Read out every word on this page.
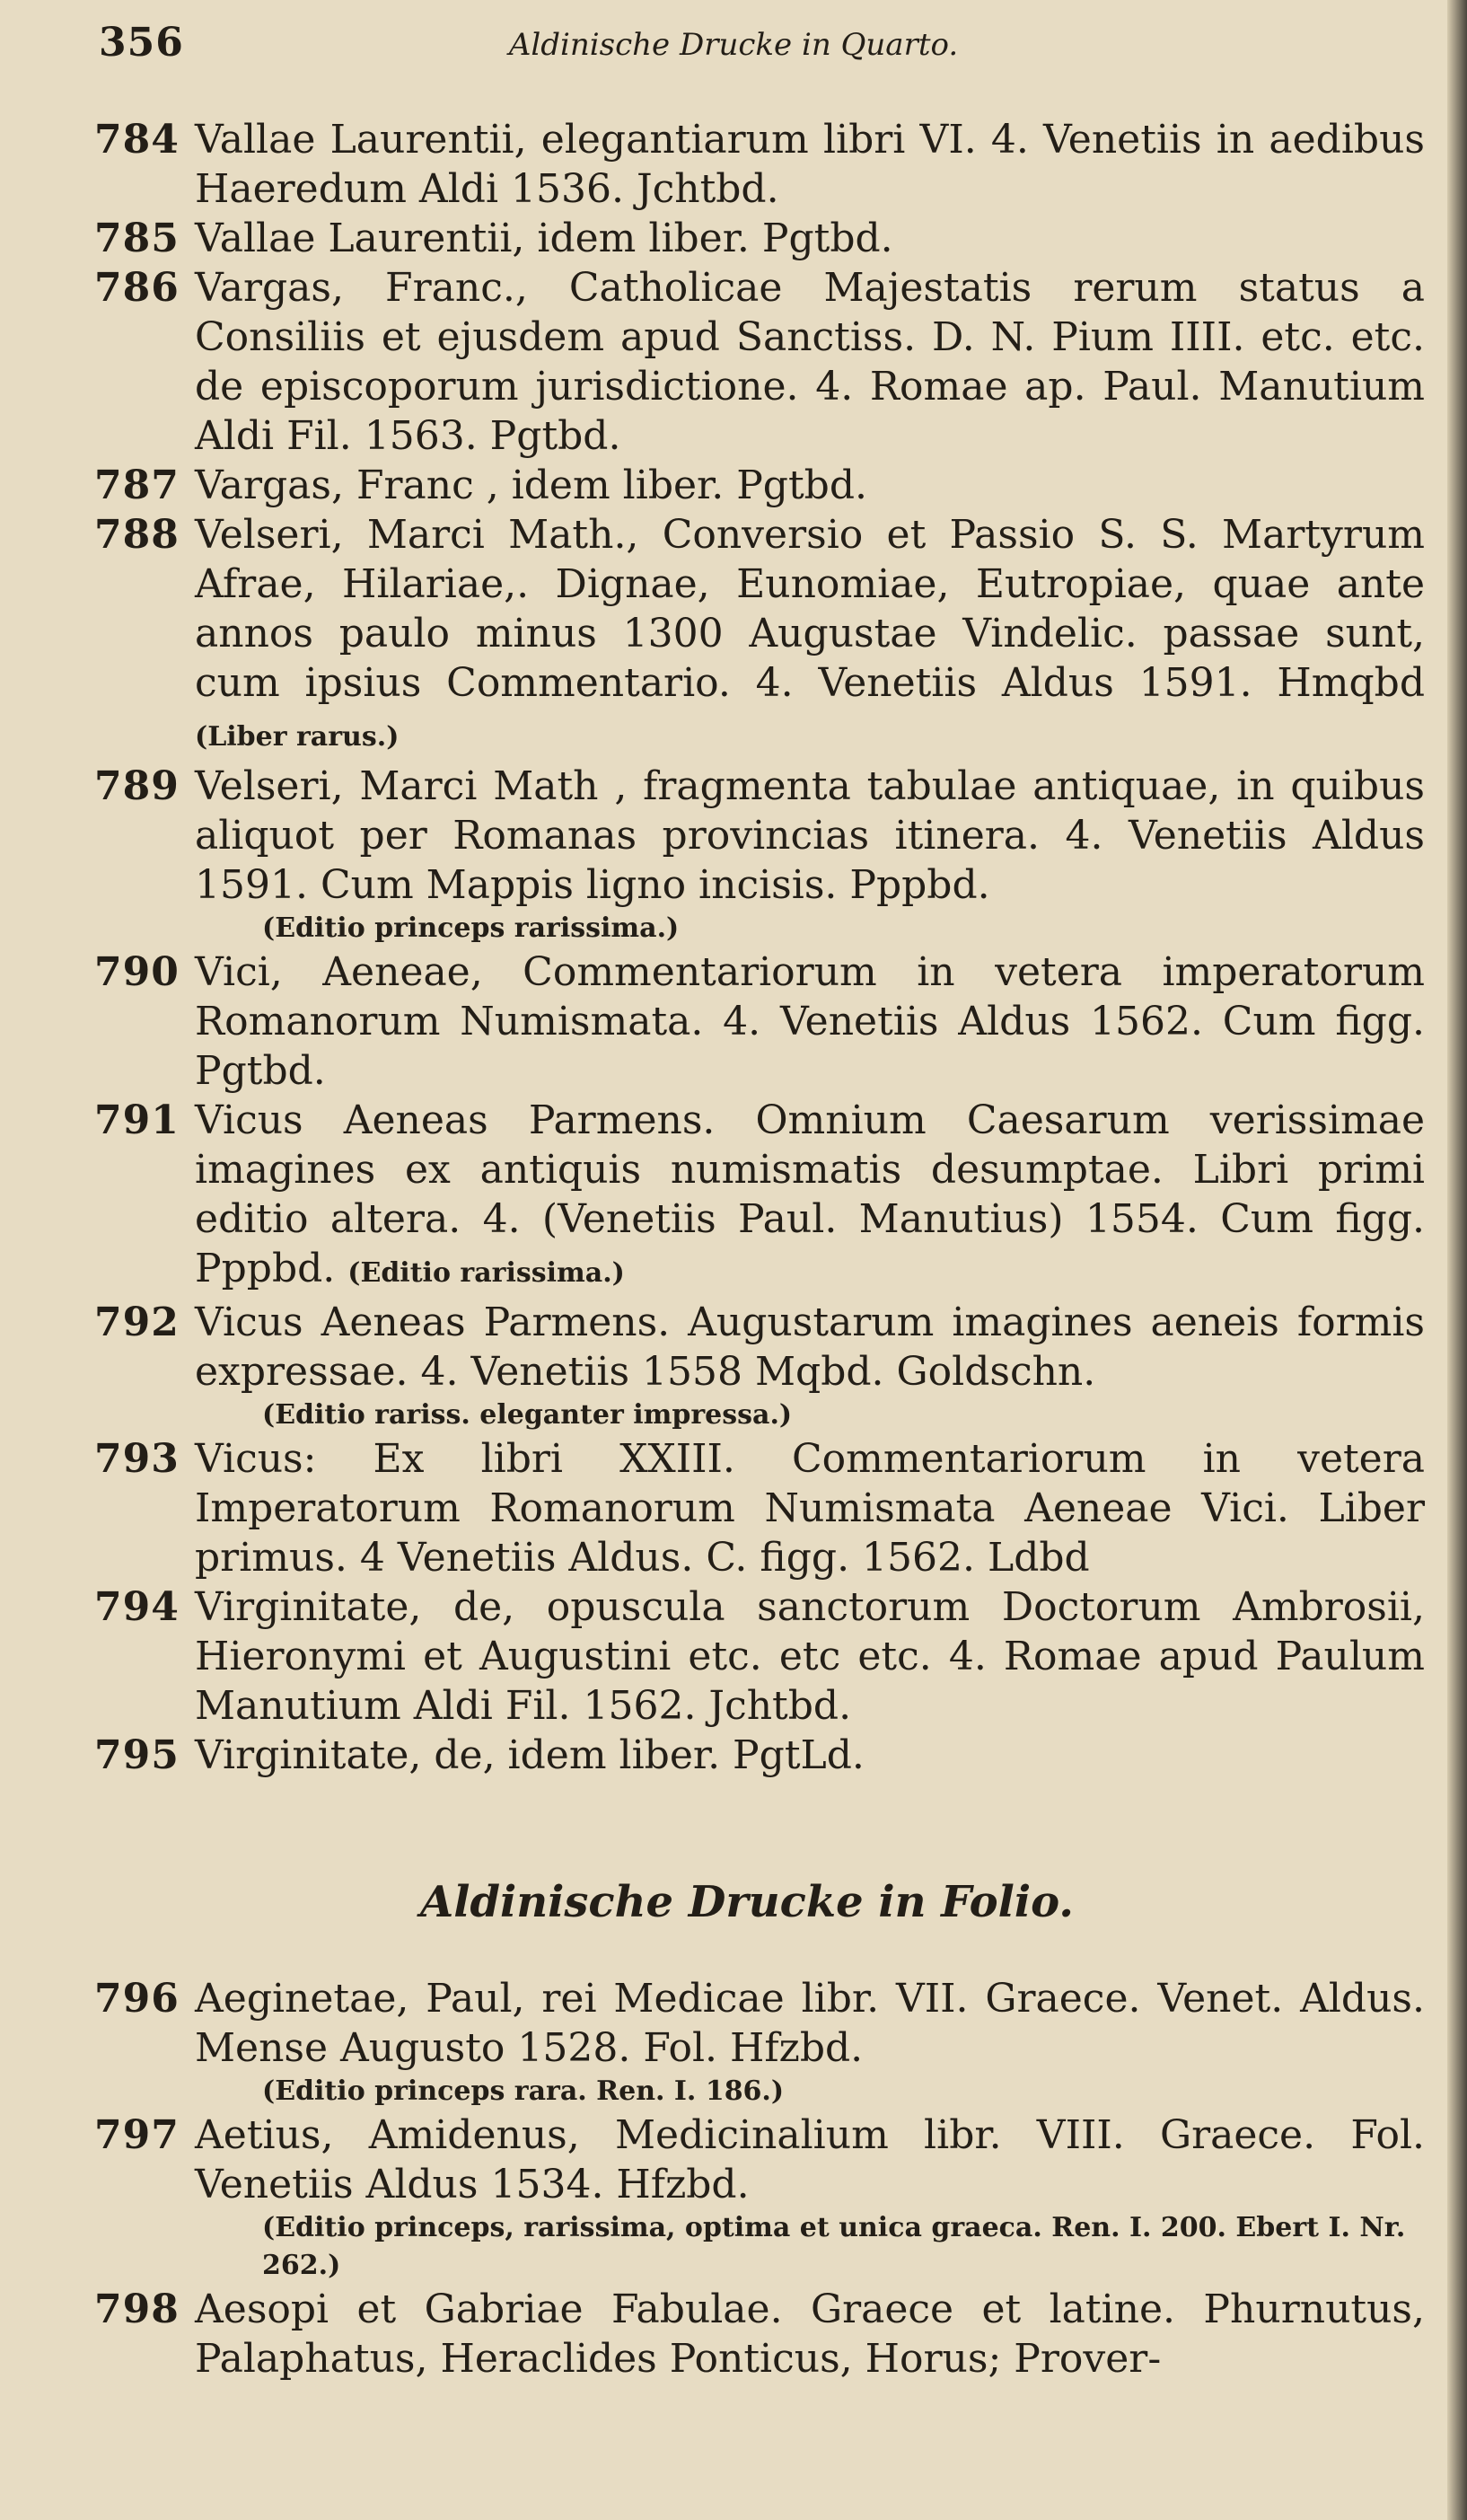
356	Aldinische Drucke in Quarto.
784 Vallae Laurentii, elegantiarum libri VI. 4. Venetiis in aedibus Haeredum Aldi 1536. Jchtbd.
785 Vallae Laurentii, idem liber. Pgtbd.
786 Vargas, Franc., Catholicae Majestatis rerum status a Consiliis et ejusdem apud Sanctiss. D. N. Pium IIII. etc. etc. de episcoporum jurisdictione. 4. Romae ap. Paul. Manutium Aldi Fil. 1563. Pgtbd.
787 Vargas, Franc , idem liber. Pgtbd.
788 Velseri, Marci Math., Conversio et Passio S. S. Martyrum Afrae, Hilariae,. Dignae, Eunomiae, Eutropiae, quae ante annos paulo minus 1300 Augustae Vindelic. passae sunt, cum ipsius Commentario. 4. Venetiis Aldus 1591. Hmqbd (Liber rarus.)
789 Velseri, Marci Math , fragmenta tabulae antiquae, in quibus aliquot per Romanas provincias itinera. 4. Venetiis Aldus 1591. Cum Mappis ligno incisis. Pppbd.
(Editio princeps rarissima.)
790 Vici, Aeneae, Commentariorum in vetera imperatorum Romanorum Numismata. 4. Venetiis Aldus 1562. Cum figg. Pgtbd.
791 Vicus Aeneas Parmens. Omnium Caesarum verissimae imagines ex antiquis numismatis desumptae. Libri primi editio altera. 4. (Venetiis Paul. Manutius) 1554. Cum figg. Pppbd. (Editio rarissima.)
792 Vicus Aeneas Parmens. Augustarum imagines aeneis formis expressae. 4. Venetiis 1558 Mqbd. Goldschn.
(Editio rariss. eleganter impressa.)
793 Vicus: Ex libri XXIII. Commentariorum in vetera Imperatorum Romanorum Numismata Aeneae Vici. Liber primus. 4 Venetiis Aldus. C. figg. 1562. Ldbd
794 Virginitate, de, opuscula sanctorum Doctorum Ambrosii, Hieronymi et Augustini etc. etc etc. 4. Romae apud Paulum Manutium Aldi Fil. 1562. Jchtbd.
795 Virginitate, de, idem liber. PgtLd.
Aldinische Drucke in Folio.
796 Aeginetae, Paul, rei Medicae libr. VII. Graece. Venet. Aldus. Mense Augusto 1528. Fol. Hfzbd.
(Editio princeps rara. Ren. I. 186.)
797 Aetius, Amidenus, Medicinalium libr. VIII. Graece. Fol. Venetiis Aldus 1534. Hfzbd.
(Editio princeps, rarissima, optima et unica graeca. Ren. I. 200. Ebert I. Nr. 262.)
798 Aesopi et Gabriae Fabulae. Graece et latine. Phurnutus, Palaphatus, Heraclides Ponticus, Horus; Prover-
